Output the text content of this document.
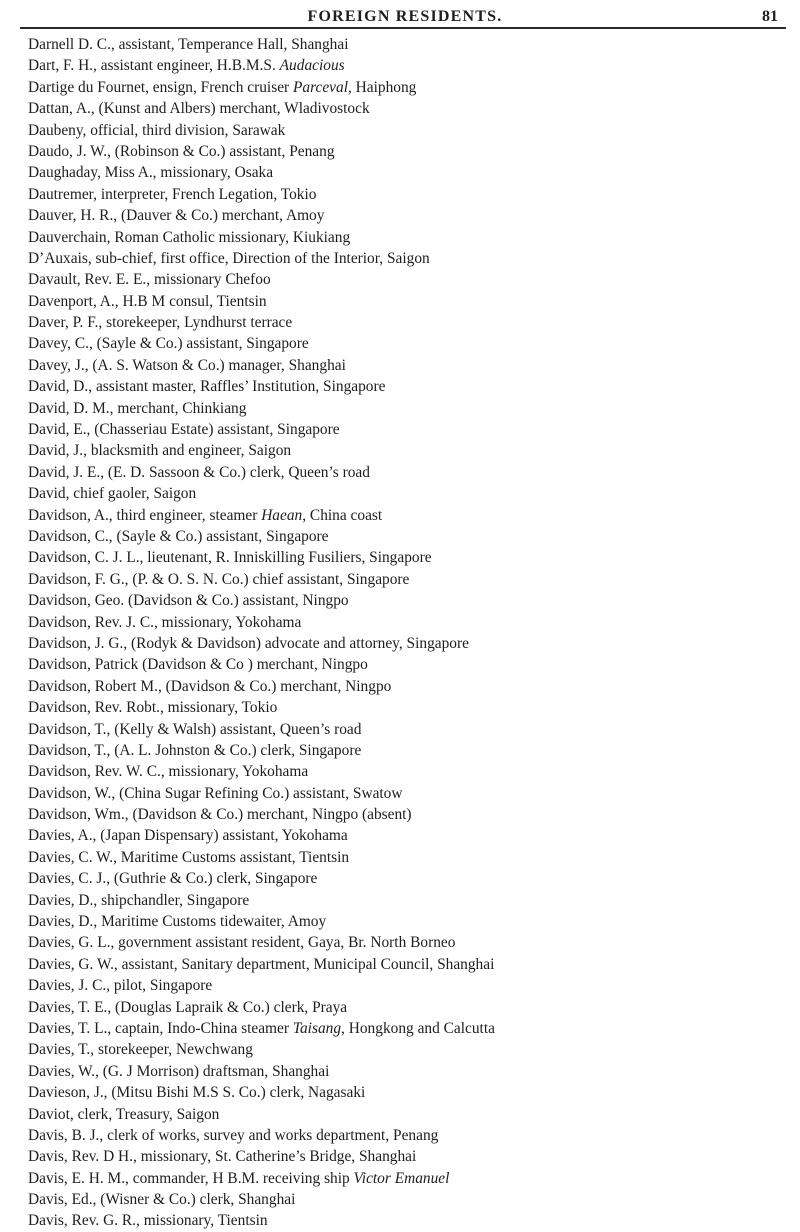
FOREIGN RESIDENTS.	81
Darnell D. C., assistant, Temperance Hall, Shanghai
Dart, F. H., assistant engineer, H.B.M.S. Audacious
Dartige du Fournet, ensign, French cruiser Parceval, Haiphong
Dattan, A., (Kunst and Albers) merchant, Wladivostock
Daubeny, official, third division, Sarawak
Daudo, J. W., (Robinson & Co.) assistant, Penang
Daughaday, Miss A., missionary, Osaka
Dautremer, interpreter, French Legation, Tokio
Dauver, H. R., (Dauver & Co.) merchant, Amoy
Dauverchain, Roman Catholic missionary, Kiukiang
D’Auxais, sub-chief, first office, Direction of the Interior, Saigon
Davault, Rev. E. E., missionary Chefoo
Davenport, A., H.B M consul, Tientsin
Daver, P. F., storekeeper, Lyndhurst terrace
Davey, C., (Sayle & Co.) assistant, Singapore
Davey, J., (A. S. Watson & Co.) manager, Shanghai
David, D., assistant master, Raffles’ Institution, Singapore
David, D. M., merchant, Chinkiang
David, E., (Chasseriau Estate) assistant, Singapore
David, J., blacksmith and engineer, Saigon
David, J. E., (E. D. Sassoon & Co.) clerk, Queen’s road
David, chief gaoler, Saigon
Davidson, A., third engineer, steamer Haean, China coast
Davidson, C., (Sayle & Co.) assistant, Singapore
Davidson, C. J. L., lieutenant, R. Inniskilling Fusiliers, Singapore
Davidson, F. G., (P. & O. S. N. Co.) chief assistant, Singapore
Davidson, Geo. (Davidson & Co.) assistant, Ningpo
Davidson, Rev. J. C., missionary, Yokohama
Davidson, J. G., (Rodyk & Davidson) advocate and attorney, Singapore
Davidson, Patrick (Davidson & Co ) merchant, Ningpo
Davidson, Robert M., (Davidson & Co.) merchant, Ningpo
Davidson, Rev. Robt., missionary, Tokio
Davidson, T., (Kelly & Walsh) assistant, Queen’s road
Davidson, T., (A. L. Johnston & Co.) clerk, Singapore
Davidson, Rev. W. C., missionary, Yokohama
Davidson, W., (China Sugar Refining Co.) assistant, Swatow
Davidson, Wm., (Davidson & Co.) merchant, Ningpo (absent)
Davies, A., (Japan Dispensary) assistant, Yokohama
Davies, C. W., Maritime Customs assistant, Tientsin
Davies, C. J., (Guthrie & Co.) clerk, Singapore
Davies, D., shipchandler, Singapore
Davies, D., Maritime Customs tidewaiter, Amoy
Davies, G. L., government assistant resident, Gaya, Br. North Borneo
Davies, G. W., assistant, Sanitary department, Municipal Council, Shanghai
Davies, J. C., pilot, Singapore
Davies, T. E., (Douglas Lapraik & Co.) clerk, Praya
Davies, T. L., captain, Indo-China steamer Taisang, Hongkong and Calcutta
Davies, T., storekeeper, Newchwang
Davies, W., (G. J Morrison) draftsman, Shanghai
Davieson, J., (Mitsu Bishi M.S S. Co.) clerk, Nagasaki
Daviot, clerk, Treasury, Saigon
Davis, B. J., clerk of works, survey and works department, Penang
Davis, Rev. D H., missionary, St. Catherine’s Bridge, Shanghai
Davis, E. H. M., commander, H B.M. receiving ship Victor Emanuel
Davis, Ed., (Wisner & Co.) clerk, Shanghai
Davis, Rev. G. R., missionary, Tientsin
